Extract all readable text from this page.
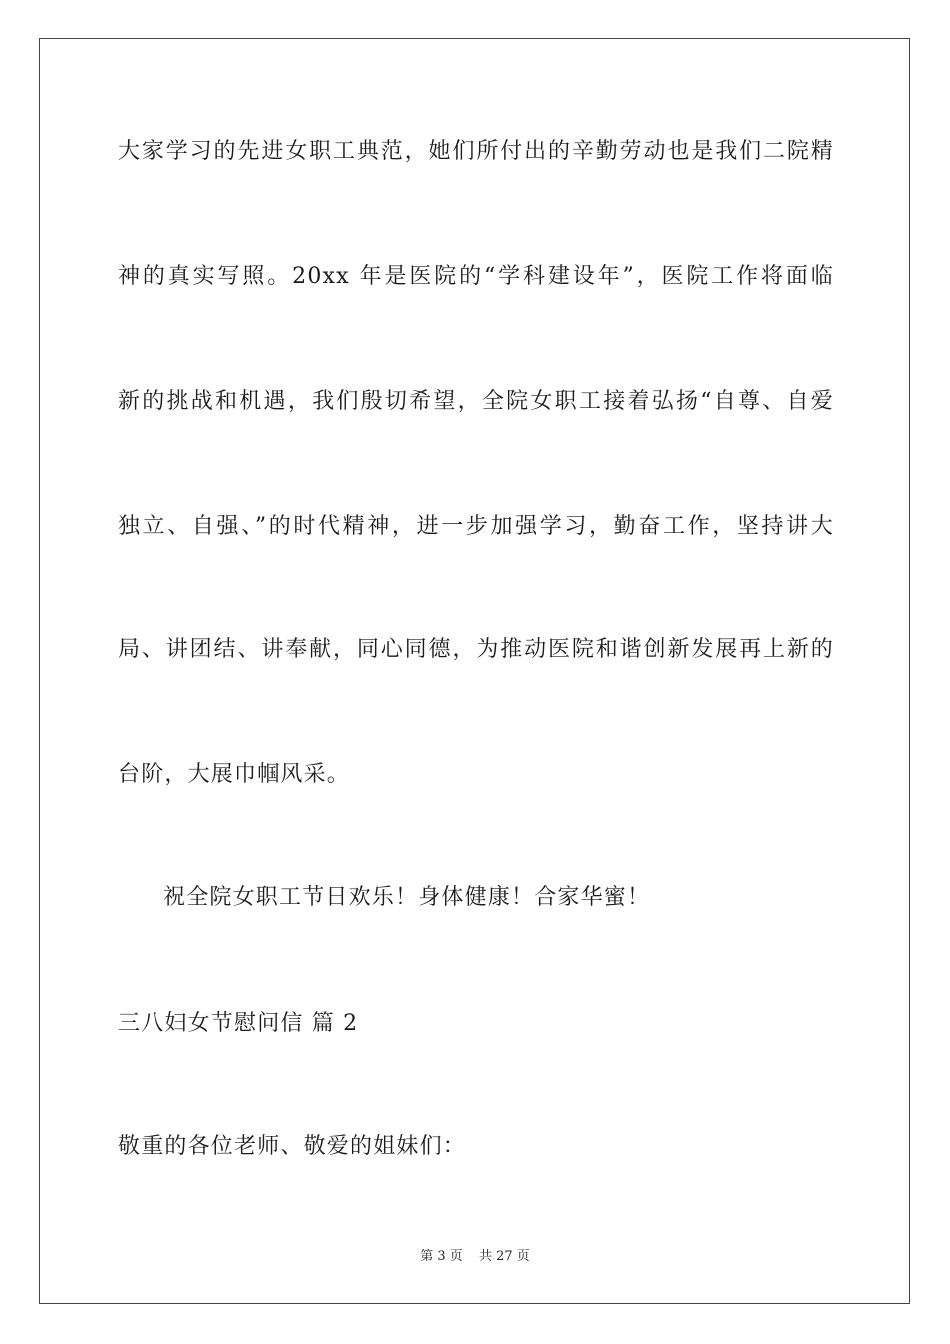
大家学习的先进女职工典范，她们所付出的辛勤劳动也是我们二院精
神的真实写照。20xx 年是医院的“学科建设年”，医院工作将面临
新的挑战和机遇，我们殷切希望，全院女职工接着弘扬“自尊、自爱
独立、自强、”的时代精神，进一步加强学习，勤奋工作，坚持讲大
局、讲团结、讲奉献，同心同德，为推动医院和谐创新发展再上新的
台阶，大展巾帼风采。
祝全院女职工节日欢乐！身体健康！合家华蜜！
三八妇女节慰问信 篇 2
敬重的各位老师、敬爱的姐妹们：
第 3 页 共 27 页
